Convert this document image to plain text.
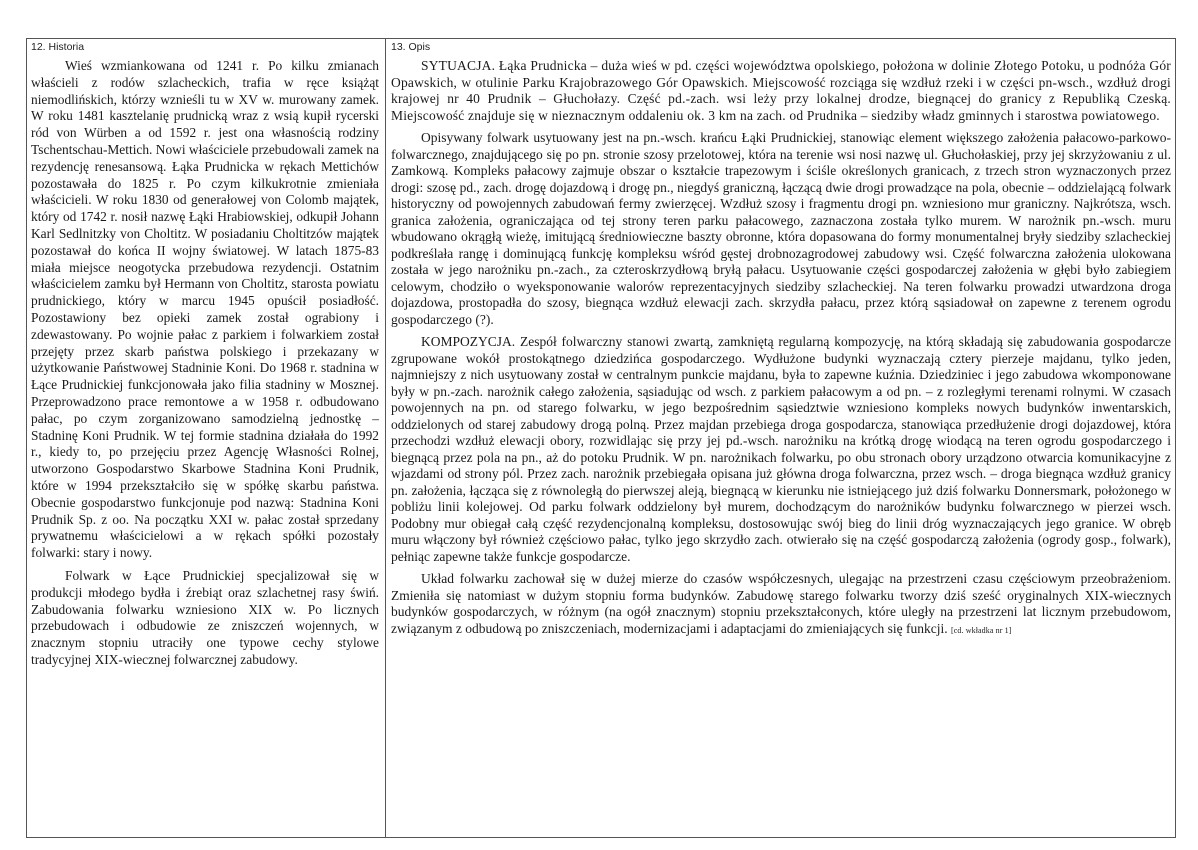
12. Historia

Wieś wzmiankowana od 1241 r. Po kilku zmianach właścieli z rodów szlacheckich, trafia w ręce książąt niemodlińskich, którzy wznieśli tu w XV w. murowany zamek. W roku 1481 kasztelanię prudnicką wraz z wsią kupił rycerski ród von Würben a od 1592 r. jest ona własnością rodziny Tschentschau-Mettich. Nowi właściciele przebudowali zamek na rezydencję renesansową. Łąka Prudnicka w rękach Mettichów pozostawała do 1825 r. Po czym kilkukrotnie zmieniała właścicieli. W roku 1830 od generałowej von Colomb majątek, który od 1742 r. nosił nazwę Łąki Hrabiowskiej, odkupił Johann Karl Sedlnitzky von Choltitz. W posiadaniu Choltitzów majątek pozostawał do końca II wojny światowej. W latach 1875-83 miała miejsce neogotycka przebudowa rezydencji. Ostatnim właścicielem zamku był Hermann von Choltitz, starosta powiatu prudnickiego, który w marcu 1945 opuścił posiadłość. Pozostawiony bez opieki zamek został ograbiony i zdewastowany. Po wojnie pałac z parkiem i folwarkiem został przejęty przez skarb państwa polskiego i przekazany w użytkowanie Państwowej Stadninie Koni. Do 1968 r. stadnina w Łące Prudnickiej funkcjonowała jako filia stadniny w Mosznej. Przeprowadzono prace remontowe a w 1958 r. odbudowano pałac, po czym zorganizowano samodzielną jednostkę – Stadninę Koni Prudnik. W tej formie stadnina działała do 1992 r., kiedy to, po przejęciu przez Agencję Własności Rolnej, utworzono Gospodarstwo Skarbowe Stadnina Koni Prudnik, które w 1994 przekształciło się w spółkę skarbu państwa. Obecnie gospodarstwo funkcjonuje pod nazwą: Stadnina Koni Prudnik Sp. z oo. Na początku XXI w. pałac został sprzedany prywatnemu właścicielowi a w rękach spółki pozostały folwarki: stary i nowy.

Folwark w Łące Prudnickiej specjalizował się w produkcji młodego bydła i źrebiąt oraz szlachetnej rasy świń. Zabudowania folwarku wzniesiono XIX w. Po licznych przebudowach i odbudowie ze zniszczeń wojennych, w znacznym stopniu utraciły one typowe cechy stylowe tradycyjnej XIX-wiecznej folwarcznej zabudowy.

13. Opis

SYTUACJA. Łąka Prudnicka – duża wieś w pd. części województwa opolskiego, położona w dolinie Złotego Potoku, u podnóża Gór Opawskich, w otulinie Parku Krajobrazowego Gór Opawskich. Miejscowość rozciąga się wzdłuż rzeki i w części pn-wsch., wzdłuż drogi krajowej nr 40 Prudnik – Głuchołazy. Część pd.-zach. wsi leży przy lokalnej drodze, biegnącej do granicy z Republiką Czeską. Miejscowość znajduje się w nieznacznym oddaleniu ok. 3 km na zach. od Prudnika – siedziby władz gminnych i starostwa powiatowego.

Opisywany folwark usytuowany jest na pn.-wsch. krańcu Łąki Prudnickiej, stanowiąc element większego założenia pałacowo-parkowo-folwarcznego, znajdującego się po pn. stronie szosy przelotowej, która na terenie wsi nosi nazwę ul. Głuchołaskiej, przy jej skrzyżowaniu z ul. Zamkową. Kompleks pałacowy zajmuje obszar o kształcie trapezowym i ściśle określonych granicach, z trzech stron wyznaczonych przez drogi: szosę pd., zach. drogę dojazdową i drogę pn., niegdyś graniczną, łączącą dwie drogi prowadzące na pola, obecnie – oddzielającą folwark historyczny od powojennych zabudowań fermy zwierzęcej. Wzdłuż szosy i fragmentu drogi pn. wzniesiono mur graniczny. Najkrótsza, wsch. granica założenia, ograniczająca od tej strony teren parku pałacowego, zaznaczona została tylko murem. W narożnik pn.-wsch. muru wbudowano okrągłą wieżę, imitującą średniowieczne baszty obronne, która dopasowana do formy monumentalnej bryły siedziby szlacheckiej podkreślała rangę i dominującą funkcję kompleksu wśród gęstej drobnozagrodowej zabudowy wsi. Część folwarczna założenia ulokowana została w jego narożniku pn.-zach., za czteroskrzydłową bryłą pałacu. Usytuowanie części gospodarczej założenia w głębi było zabiegiem celowym, chodziło o wyeksponowanie walorów reprezentacyjnych siedziby szlacheckiej. Na teren folwarku prowadzi utwardzona droga dojazdowa, prostopadła do szosy, biegnąca wzdłuż elewacji zach. skrzydła pałacu, przez którą sąsiadował on zapewne z terenem ogrodu gospodarczego (?).

KOMPOZYCJA. Zespół folwarczny stanowi zwartą, zamkniętą regularną kompozycję, na którą składają się zabudowania gospodarcze zgrupowane wokół prostokątnego dziedzińca gospodarczego. Wydłużone budynki wyznaczają cztery pierzeje majdanu, tylko jeden, najmniejszy z nich usytuowany został w centralnym punkcie majdanu, była to zapewne kuźnia. Dziedziniec i jego zabudowa wkomponowane były w pn.-zach. narożnik całego założenia, sąsiadując od wsch. z parkiem pałacowym a od pn. – z rozległymi terenami rolnymi. W czasach powojennych na pn. od starego folwarku, w jego bezpośrednim sąsiedztwie wzniesiono kompleks nowych budynków inwentarskich, oddzielonych od starej zabudowy drogą polną. Przez majdan przebiega droga gospodarcza, stanowiąca przedłużenie drogi dojazdowej, która przechodzi wzdłuż elewacji obory, rozwidlając się przy jej pd.-wsch. narożniku na krótką drogę wiodącą na teren ogrodu gospodarczego i biegnącą przez pola na pn., aż do potoku Prudnik. W pn. narożnikach folwarku, po obu stronach obory urządzono otwarcia komunikacyjne z wjazdami od strony pól. Przez zach. narożnik przebiegała opisana już główna droga folwarczna, przez wsch. – droga biegnąca wzdłuż granicy pn. założenia, łącząca się z równoległą do pierwszej aleją, biegnącą w kierunku nie istniejącego już dziś folwarku Donnersmark, położonego w pobliżu linii kolejowej. Od parku folwark oddzielony był murem, dochodzącym do narożników budynku folwarcznego w pierzei wsch. Podobny mur obiegał całą część rezydencjonalną kompleksu, dostosowując swój bieg do linii dróg wyznaczających jego granice. W obręb muru włączony był również częściowo pałac, tylko jego skrzydło zach. otwierało się na część gospodarczą założenia (ogrody gosp., folwark), pełniąc zapewne także funkcje gospodarcze.

Układ folwarku zachował się w dużej mierze do czasów współczesnych, ulegając na przestrzeni czasu częściowym przeobrażeniom. Zmieniła się natomiast w dużym stopniu forma budynków. Zabudowę starego folwarku tworzy dziś sześć oryginalnych XIX-wiecznych budynków gospodarczych, w różnym (na ogół znacznym) stopniu przekształconych, które uległy na przestrzeni lat licznym przebudowom, związanym z odbudową po zniszczeniach, modernizacjami i adaptacjami do zmieniających się funkcji. [cd. wkładka nr 1]
